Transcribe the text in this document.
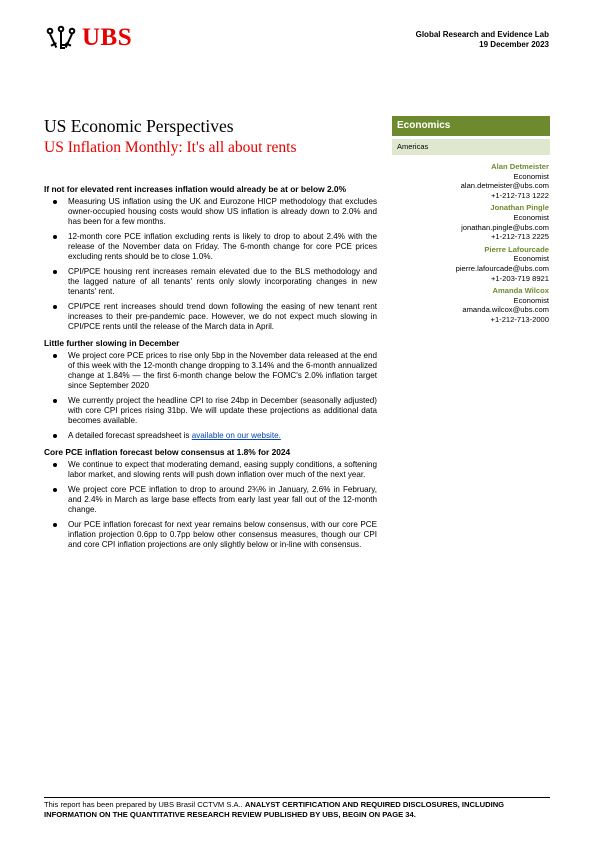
UBS	Global Research and Evidence Lab
19 December 2023
US Economic Perspectives
US Inflation Monthly: It's all about rents
Economics
Americas
Alan Detmeister
Economist
alan.detmeister@ubs.com
+1-212-713 1222
Jonathan Pingle
Economist
jonathan.pingle@ubs.com
+1-212-713 2225
Pierre Lafourcade
Economist
pierre.lafourcade@ubs.com
+1-203-719 8921
Amanda Wilcox
Economist
amanda.wilcox@ubs.com
+1-212-713-2000
If not for elevated rent increases inflation would already be at or below 2.0%
Measuring US inflation using the UK and Eurozone HICP methodology that excludes owner-occupied housing costs would show US inflation is already down to 2.0% and has been for a few months.
12-month core PCE inflation excluding rents is likely to drop to about 2.4% with the release of the November data on Friday. The 6-month change for core PCE prices excluding rents should be to close 1.0%.
CPI/PCE housing rent increases remain elevated due to the BLS methodology and the lagged nature of all tenants' rents only slowly incorporating changes in new tenants' rent.
CPI/PCE rent increases should trend down following the easing of new tenant rent increases to their pre-pandemic pace. However, we do not expect much slowing in CPI/PCE rents until the release of the March data in April.
Little further slowing in December
We project core PCE prices to rise only 5bp in the November data released at the end of this week with the 12-month change dropping to 3.14% and the 6-month annualized change at 1.84% — the first 6-month change below the FOMC's 2.0% inflation target since September 2020
We currently project the headline CPI to rise 24bp in December (seasonally adjusted) with core CPI prices rising 31bp. We will update these projections as additional data becomes available.
A detailed forecast spreadsheet is available on our website.
Core PCE inflation forecast below consensus at 1.8% for 2024
We continue to expect that moderating demand, easing supply conditions, a softening labor market, and slowing rents will push down inflation over much of the next year.
We project core PCE inflation to drop to around 2¾% in January, 2.6% in February, and 2.4% in March as large base effects from early last year fall out of the 12-month change.
Our PCE inflation forecast for next year remains below consensus, with our core PCE inflation projection 0.6pp to 0.7pp below other consensus measures, though our CPI and core CPI inflation projections are only slightly below or in-line with consensus.
This report has been prepared by UBS Brasil CCTVM S.A.. ANALYST CERTIFICATION AND REQUIRED DISCLOSURES, INCLUDING INFORMATION ON THE QUANTITATIVE RESEARCH REVIEW PUBLISHED BY UBS, BEGIN ON PAGE 34.
